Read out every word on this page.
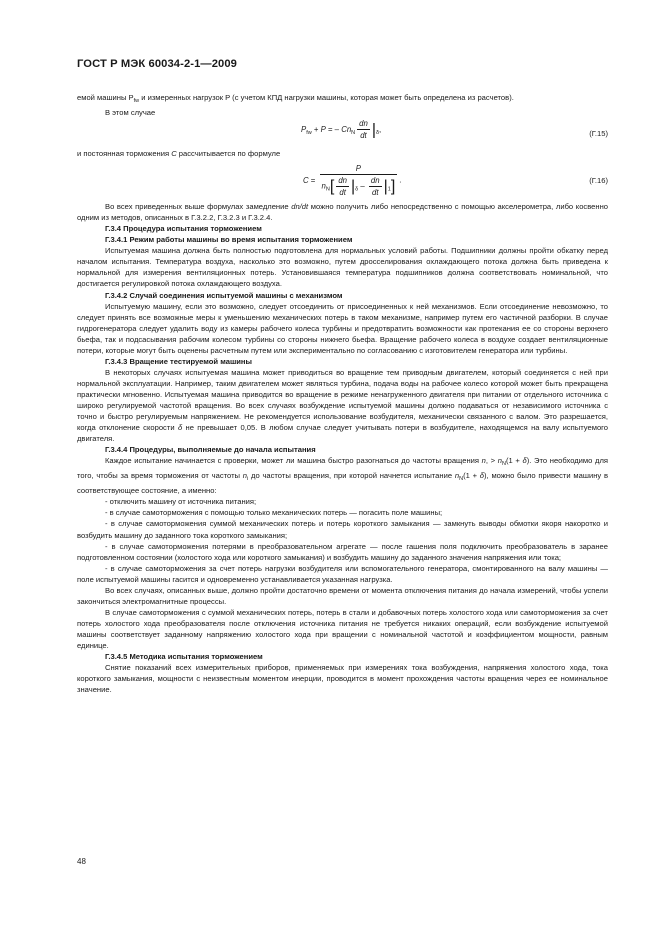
ГОСТ Р МЭК 60034-2-1—2009
емой машины $P_{fw}$ и измеренных нагрузок P (с учетом КПД нагрузки машины, которая может быть определена из расчетов).
В этом случае
$P_{fw} + P$ = – $Cn_N \frac{dn}{dt} |_\delta$,	(Г.15)
и постоянная торможения C рассчитывается по формуле
$C = \frac{P}{n_N[ \frac{dn}{dt} |_\delta - \frac{dn}{dt} |_1]}$ .	(Г.16)
Во всех приведенных выше формулах замедление dn/dt можно получить либо непосредственно с помощью акселерометра, либо косвенно одним из методов, описанных в Г.3.2.2, Г.3.2.3 и Г.3.2.4.
Г.3.4 Процедура испытания торможением
Г.3.4.1 Режим работы машины во время испытания торможением
Испытуемая машина должна быть полностью подготовлена для нормальных условий работы. Подшипники должны пройти обкатку перед началом испытания. Температура воздуха, насколько это возможно, путем дросселирования охлаждающего потока должна быть приведена к нормальной для измерения вентиляционных потерь. Установившаяся температура подшипников должна соответствовать номинальной, что достигается регулировкой потока охлаждающего воздуха.
Г.3.4.2 Случай соединения испытуемой машины с механизмом
Испытуемую машину, если это возможно, следует отсоединить от присоединенных к ней механизмов. Если отсоединение невозможно, то следует принять все возможные меры к уменьшению механических потерь в таком механизме, например путем его частичной разборки. В случае гидрогенератора следует удалить воду из камеры рабочего колеса турбины и предотвратить возможности как протекания ее со стороны верхнего бьефа, так и подсасывания рабочим колесом турбины со стороны нижнего бьефа. Вращение рабочего колеса в воздухе создает вентиляционные потери, которые могут быть оценены расчетным путем или экспериментально по согласованию с изготовителем генератора или турбины.
Г.3.4.3 Вращение тестируемой машины
В некоторых случаях испытуемая машина может приводиться во вращение тем приводным двигателем, который соединяется с ней при нормальной эксплуатации. Например, таким двигателем может являться турбина, подача воды на рабочее колесо которой может быть прекращена практически мгновенно. Испытуемая машина приводится во вращение в режиме ненагруженного двигателя при питании от отдельного источника с широко регулируемой частотой вращения. Во всех случаях возбуждение испытуемой машины должно подаваться от независимого источника с точно и быстро регулируемым напряжением. Не рекомендуется использование возбудителя, механически связанного с валом. Это разрешается, когда отклонение скорости δ не превышает 0,05. В любом случае следует учитывать потери в возбудителе, находящемся на валу испытуемого двигателя.
Г.3.4.4 Процедуры, выполняемые до начала испытания
Каждое испытание начинается с проверки, может ли машина быстро разогнаться до частоты вращения n, > $n_N(1 + \delta)$. Это необходимо для того, чтобы за время торможения от частоты $n_i$ до частоты вращения, при которой начнется испытание $n_N(1 + \delta)$, можно было привести машину в соответствующее состояние, а именно:
- отключить машину от источника питания;
- в случае самоторможения с помощью только механических потерь — погасить поле машины;
- в случае самоторможения суммой механических потерь и потерь короткого замыкания — замкнуть выводы обмотки якоря накоротко и возбудить машину до заданного тока короткого замыкания;
- в случае самоторможения потерями в преобразовательном агрегате — после гашения поля подключить преобразователь в заранее подготовленном состоянии (холостого хода или короткого замыкания) и возбудить машину до заданного значения напряжения или тока;
- в случае самоторможения за счет потерь нагрузки возбудителя или вспомогательного генератора, смонтированного на валу машины — поле испытуемой машины гасится и одновременно устанавливается указанная нагрузка.
Во всех случаях, описанных выше, должно пройти достаточно времени от момента отключения питания до начала измерений, чтобы успели закончиться электромагнитные процессы.
В случае самоторможения с суммой механических потерь, потерь в стали и добавочных потерь холостого хода или самоторможения за счет потерь холостого хода преобразователя после отключения источника питания не требуется никаких операций, если возбуждение испытуемой машины соответствует заданному напряжению холостого хода при вращении с номинальной частотой и коэффициентом мощности, равным единице.
Г.3.4.5 Методика испытания торможением
Снятие показаний всех измерительных приборов, применяемых при измерениях тока возбуждения, напряжения холостого хода, тока короткого замыкания, мощности с неизвестным моментом инерции, проводится в момент прохождения частоты вращения через ее номинальное значение.
48
